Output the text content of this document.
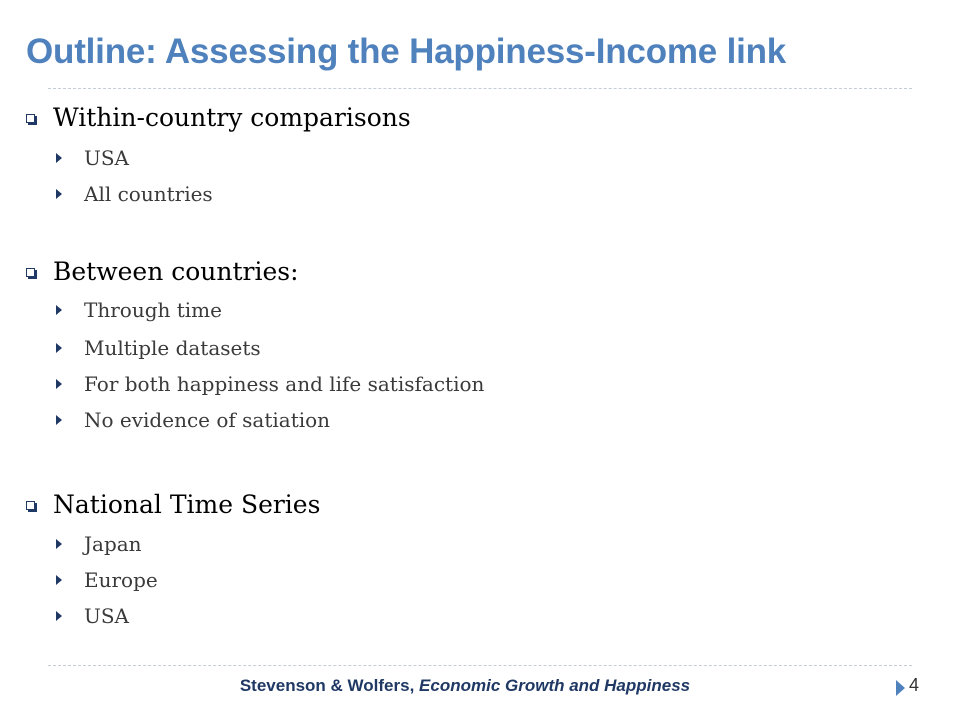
Outline: Assessing the Happiness-Income link
Within-country comparisons
USA
All countries
Between countries:
Through time
Multiple datasets
For both happiness and life satisfaction
No evidence of satiation
National Time Series
Japan
Europe
USA
Stevenson & Wolfers, Economic Growth and Happiness	4
